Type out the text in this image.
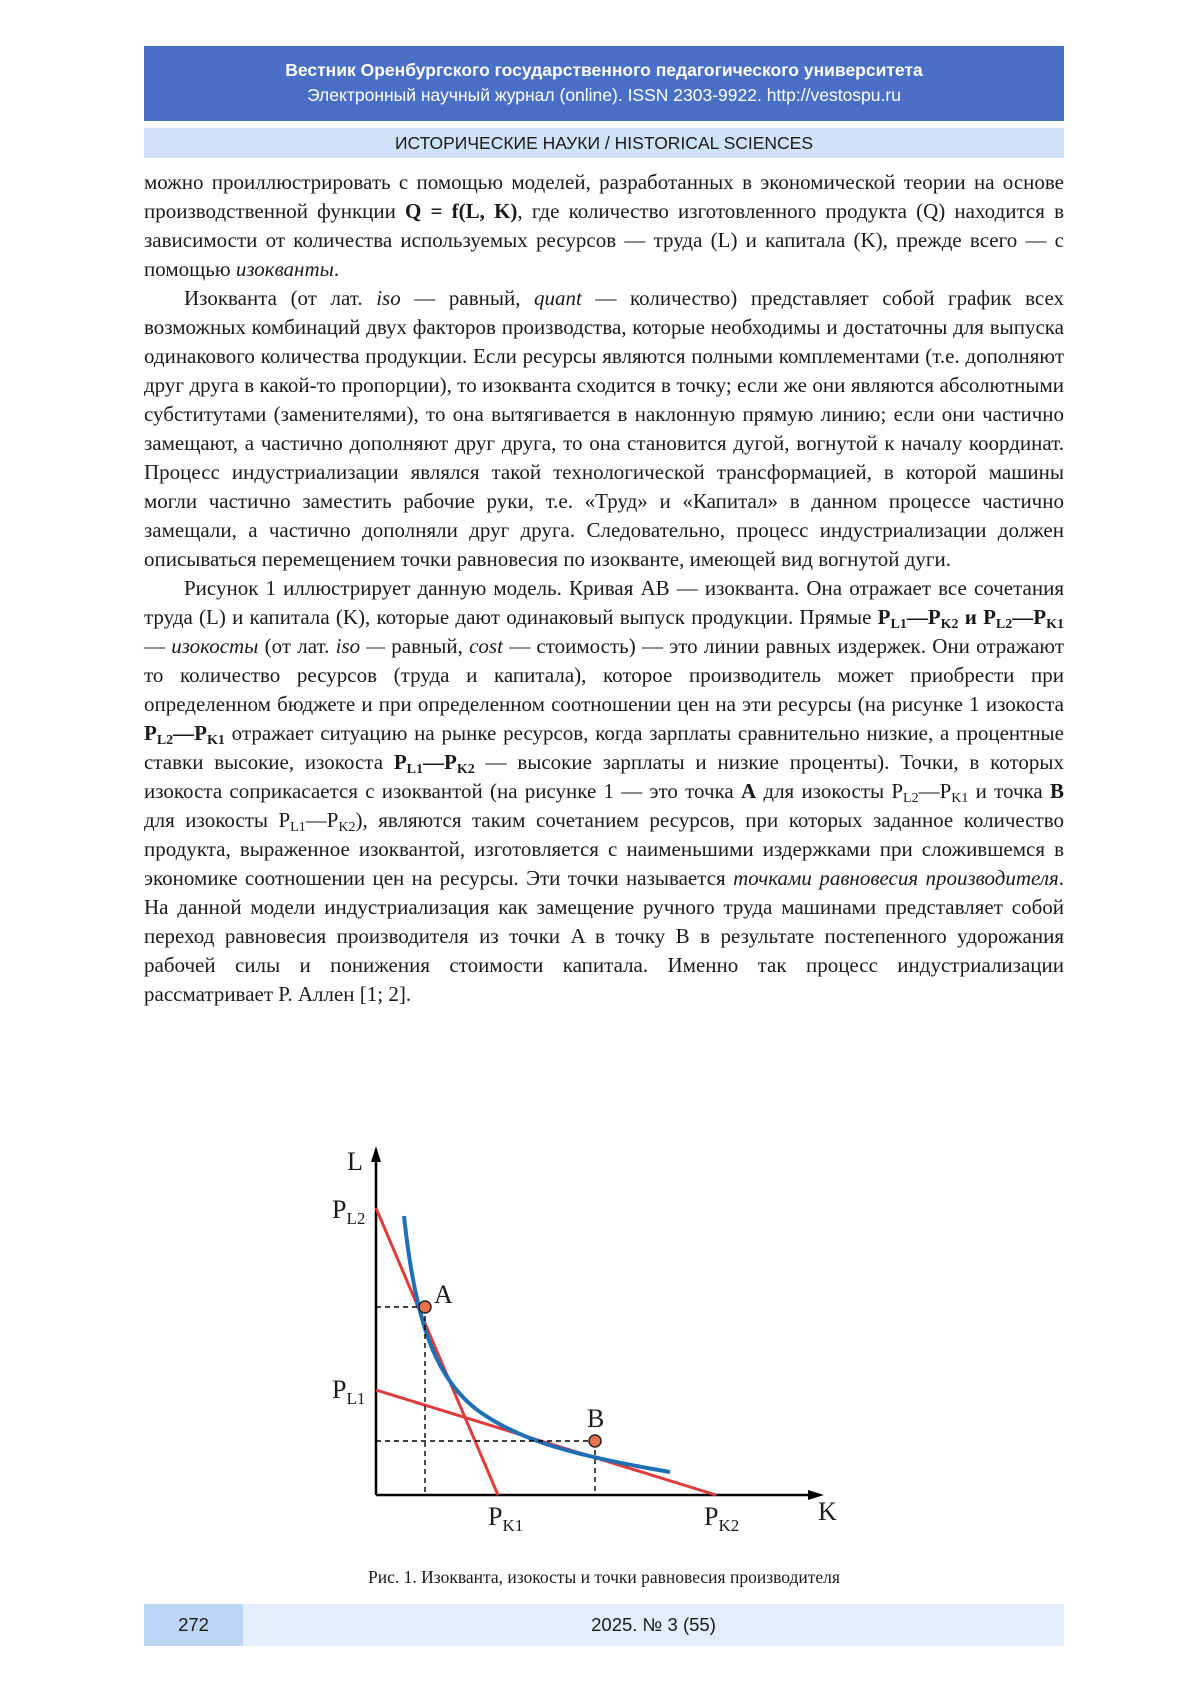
Вестник Оренбургского государственного педагогического университета
Электронный научный журнал (online). ISSN 2303-9922. http://vestospu.ru
ИСТОРИЧЕСКИЕ НАУКИ / HISTORICAL SCIENCES

можно проиллюстрировать с помощью моделей, разработанных в экономической теории на основе производственной функции Q = f(L, K), где количество изготовленного продукта (Q) находится в зависимости от количества используемых ресурсов — труда (L) и капитала (K), прежде всего — с помощью изокванты.

Изокванта (от лат. iso — равный, quant — количество) представляет собой график всех возможных комбинаций двух факторов производства, которые необходимы и достаточны для выпуска одинакового количества продукции. Если ресурсы являются полными комплементами (т.е. дополняют друг друга в какой-то пропорции), то изокванта сходится в точку; если же они являются абсолютными субститутами (заменителями), то она вытягивается в наклонную прямую линию; если они частично замещают, а частично дополняют друг друга, то она становится дугой, вогнутой к началу координат. Процесс индустриализации являлся такой технологической трансформацией, в которой машины могли частично заместить рабочие руки, т.е. «Труд» и «Капитал» в данном процессе частично замещали, а частично дополняли друг друга. Следовательно, процесс индустриализации должен описываться перемещением точки равновесия по изокванте, имеющей вид вогнутой дуги.

Рисунок 1 иллюстрирует данную модель. Кривая AB — изокванта. Она отражает все сочетания труда (L) и капитала (K), которые дают одинаковый выпуск продукции. Прямые $P_{L1}—P_{K2}$ и $P_{L2}—P_{K1}$ — изокосты (от лат. iso — равный, cost — стоимость) — это линии равных издержек. Они отражают то количество ресурсов (труда и капитала), которое производитель может приобрести при определенном бюджете и при определенном соотношении цен на эти ресурсы (на рисунке 1 изокоста $P_{L2}—P_{K1}$ отражает ситуацию на рынке ресурсов, когда зарплаты сравнительно низкие, а процентные ставки высокие, изокоста $P_{L1}—P_{K2}$ — высокие зарплаты и низкие проценты). Точки, в которых изокоста соприкасается с изоквантой (на рисунке 1 — это точка A для изокосты $P_{L2}—P_{K1}$ и точка B для изокосты $P_{L1}—P_{K2}$), являются таким сочетанием ресурсов, при которых заданное количество продукта, выраженное изоквантой, изготовляется с наименьшими издержками при сложившемся в экономике соотношении цен на ресурсы. Эти точки называется точками равновесия производителя. На данной модели индустриализация как замещение ручного труда машинами представляет собой переход равновесия производителя из точки A в точку B в результате постепенного удорожания рабочей силы и понижения стоимости капитала. Именно так процесс индустриализации рассматривает Р. Аллен [1; 2].

L
K
$P_{L2}$
$P_{L1}$
$P_{K1}$	$P_{K2}$
A
B
Рис. 1. Изокванта, изокосты и точки равновесия производителя
272	2025. № 3 (55)
